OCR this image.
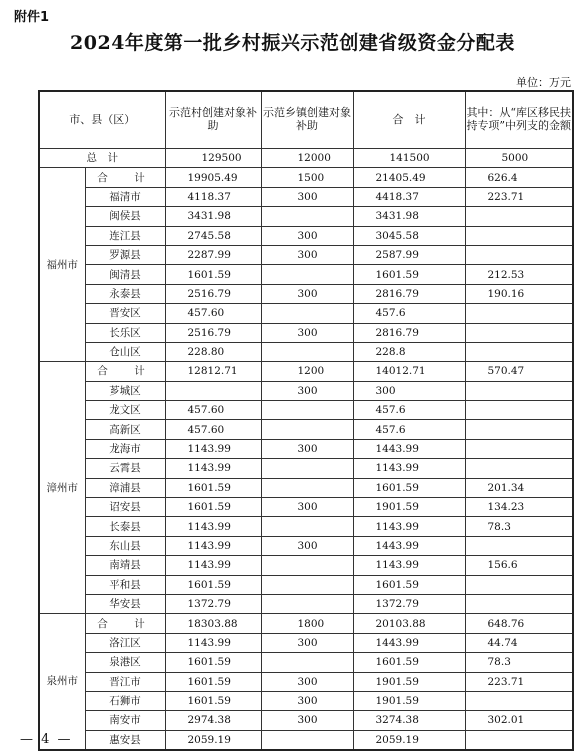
附件1
2024年度第一批乡村振兴示范创建省级资金分配表
单位：万元
市、县（区）		示范村创建对象补助	示范乡镇创建对象补助	合　计	其中：从“库区移民扶持专项”中列支的金额
总　计		129500	12000	141500	5000
福州市	合　计	19905.49	1500	21405.49	626.4
	福清市	4118.37	300	4418.37	223.71
	闽侯县	3431.98		3431.98	
	连江县	2745.58	300	3045.58	
	罗源县	2287.99	300	2587.99	
	闽清县	1601.59		1601.59	212.53
	永泰县	2516.79	300	2816.79	190.16
	晋安区	457.60		457.6	
	长乐区	2516.79	300	2816.79	
	仓山区	228.80		228.8	
漳州市	合　计	12812.71	1200	14012.71	570.47
	芗城区		300	300	
	龙文区	457.60		457.6	
	高新区	457.60		457.6	
	龙海市	1143.99	300	1443.99	
	云霄县	1143.99		1143.99	
	漳浦县	1601.59		1601.59	201.34
	诏安县	1601.59	300	1901.59	134.23
	长泰县	1143.99		1143.99	78.3
	东山县	1143.99	300	1443.99	
	南靖县	1143.99		1143.99	156.6
	平和县	1601.59		1601.59	
	华安县	1372.79		1372.79	
泉州市	合　计	18303.88	1800	20103.88	648.76
	洛江区	1143.99	300	1443.99	44.74
	泉港区	1601.59		1601.59	78.3
	晋江市	1601.59	300	1901.59	223.71
	石狮市	1601.59	300	1901.59	
	南安市	2974.38	300	3274.38	302.01
	惠安县	2059.19		2059.19	
— 4 —
